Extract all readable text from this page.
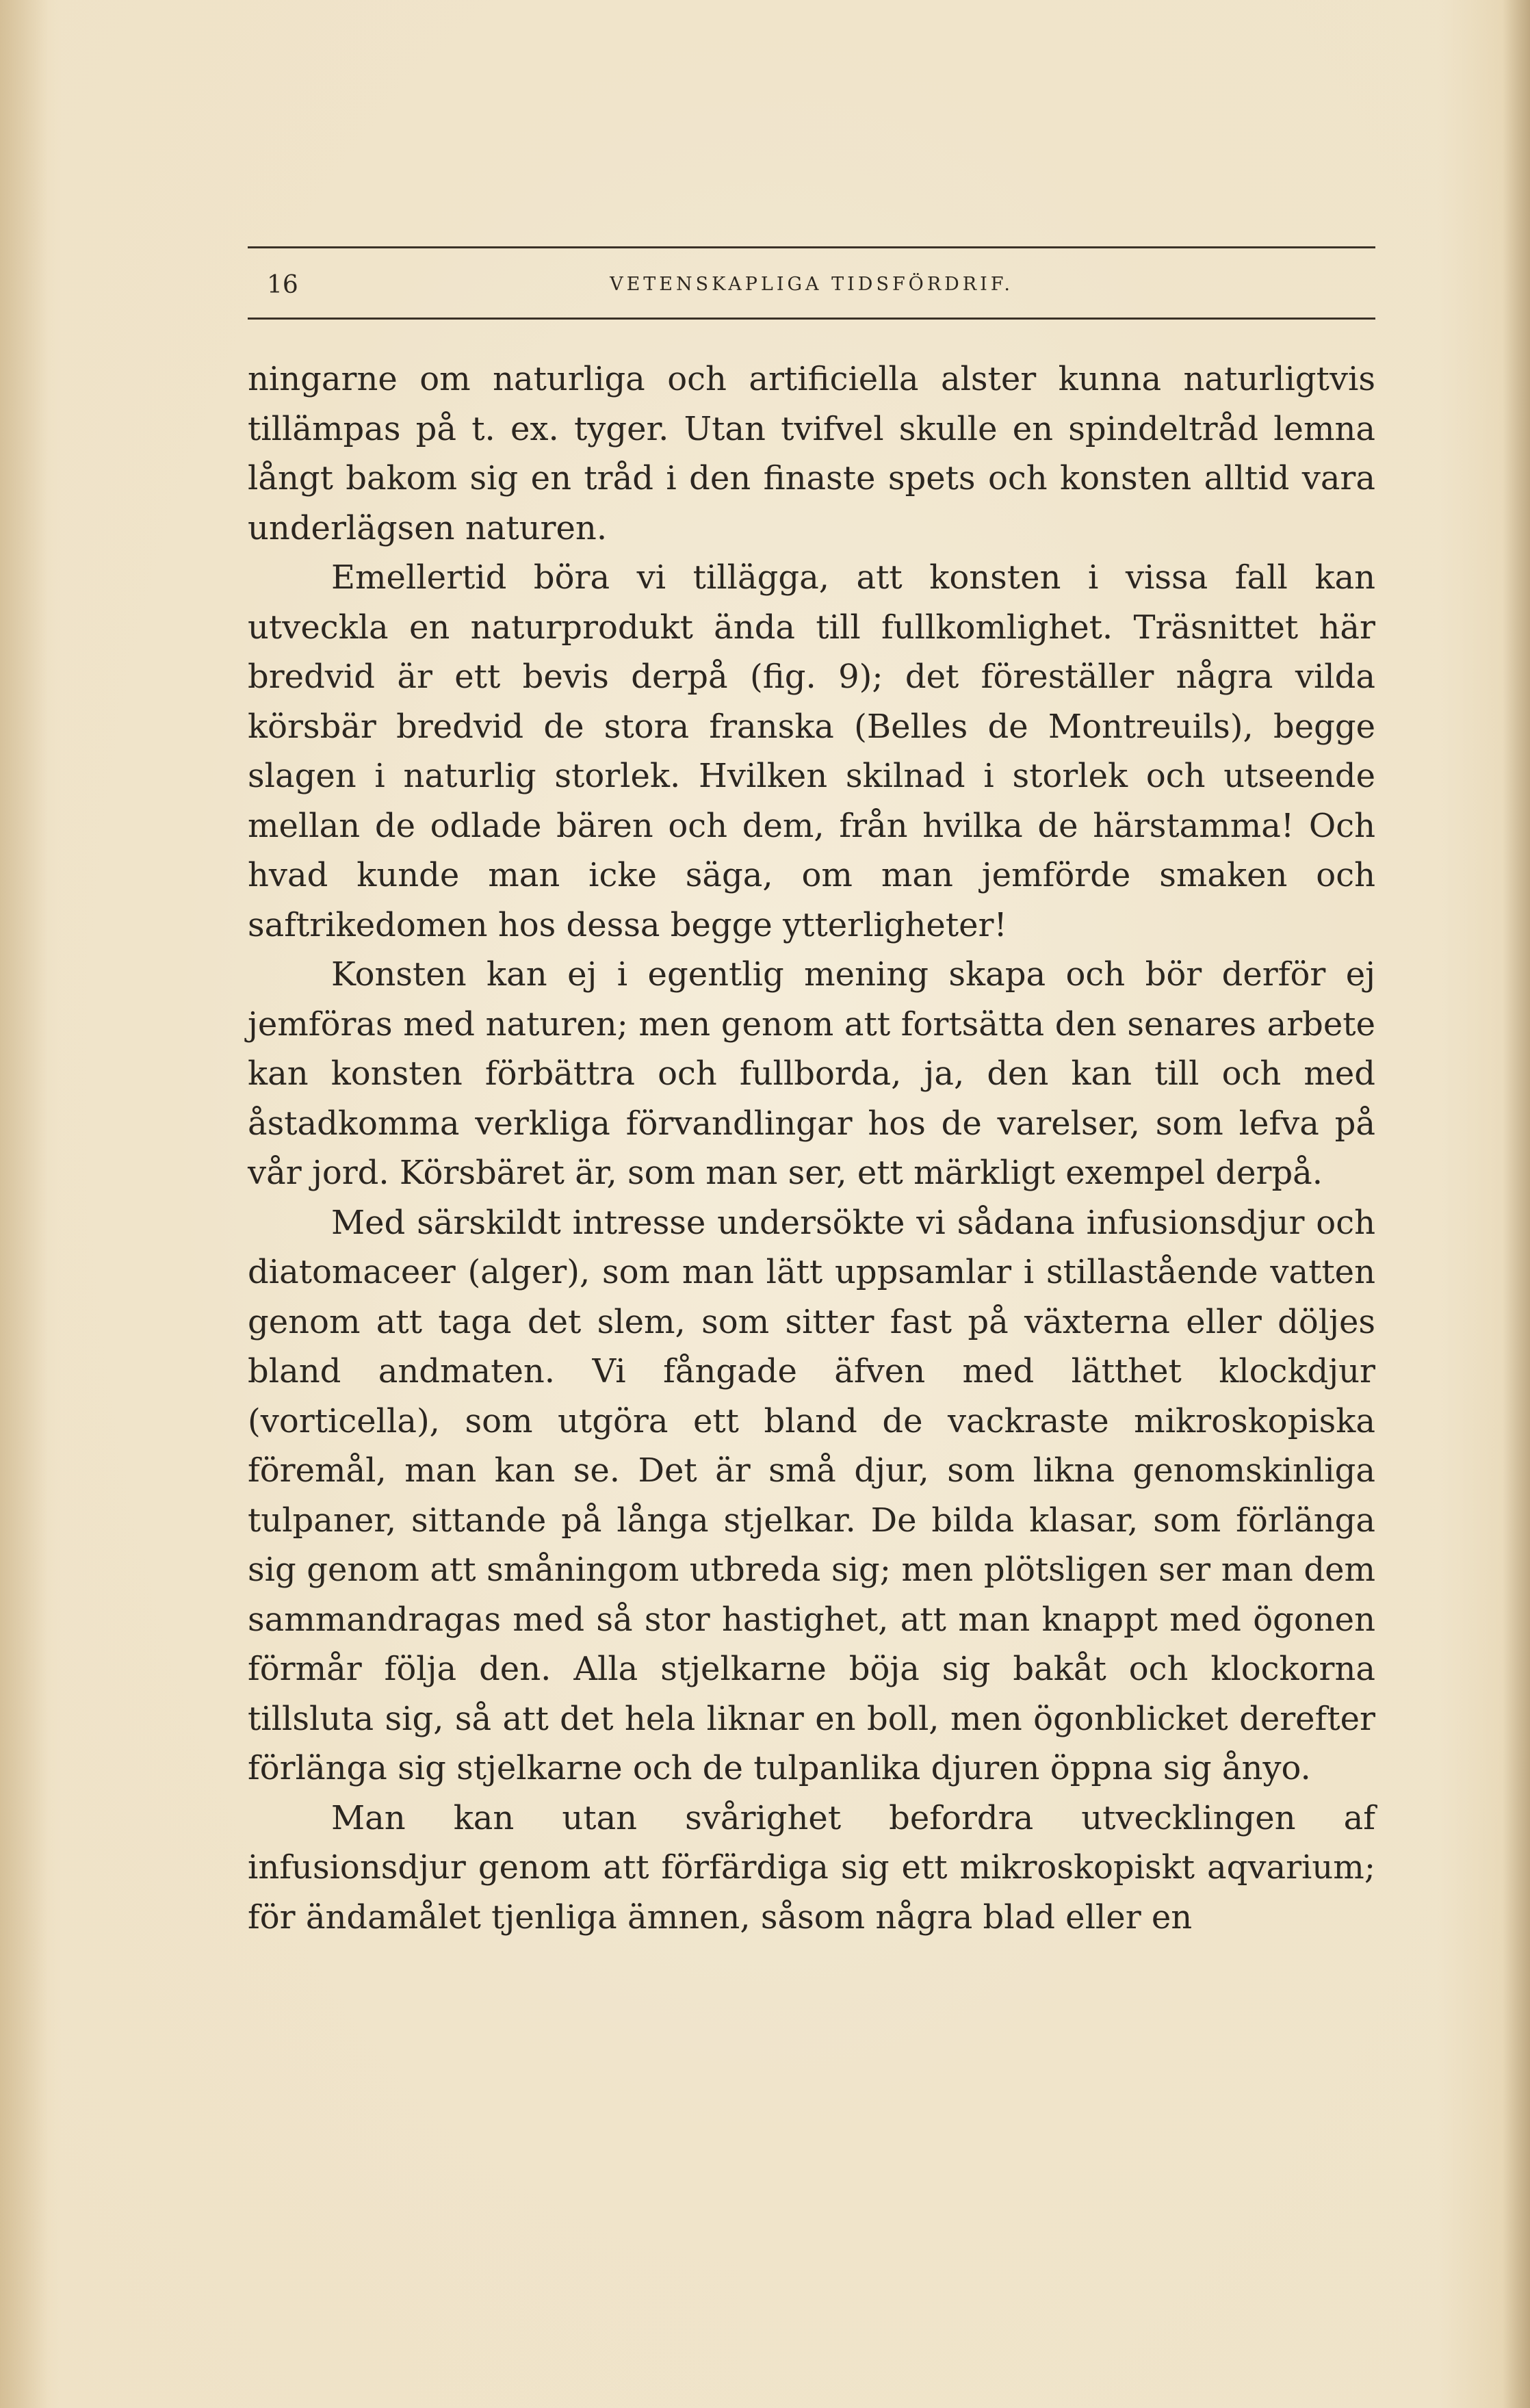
16	VETENSKAPLIGA TIDSFÖRDRIF.

ningarne om naturliga och artificiella alster kunna naturligtvis tillämpas på t. ex. tyger. Utan tvifvel skulle en spindeltråd lemna långt bakom sig en tråd i den finaste spets och konsten alltid vara underlägsen naturen.

Emellertid böra vi tillägga, att konsten i vissa fall kan utveckla en naturprodukt ända till fullkomlighet. Träsnittet här bredvid är ett bevis derpå (fig. 9); det föreställer några vilda körsbär bredvid de stora franska (Belles de Montreuils), begge slagen i naturlig storlek. Hvilken skilnad i storlek och utseende mellan de odlade bären och dem, från hvilka de härstamma! Och hvad kunde man icke säga, om man jemförde smaken och saftrikedomen hos dessa begge ytterligheter!

Konsten kan ej i egentlig mening skapa och bör derför ej jemföras med naturen; men genom att fortsätta den senares arbete kan konsten förbättra och fullborda, ja, den kan till och med åstadkomma verkliga förvandlingar hos de varelser, som lefva på vår jord. Körsbäret är, som man ser, ett märkligt exempel derpå.

Med särskildt intresse undersökte vi sådana infusionsdjur och diatomaceer (alger), som man lätt uppsamlar i stillastående vatten genom att taga det slem, som sitter fast på växterna eller döljes bland andmaten. Vi fångade äfven med lätthet klockdjur (vorticella), som utgöra ett bland de vackraste mikroskopiska föremål, man kan se. Det är små djur, som likna genomskinliga tulpaner, sittande på långa stjelkar. De bilda klasar, som förlänga sig genom att småningom utbreda sig; men plötsligen ser man dem sammandragas med så stor hastighet, att man knappt med ögonen förmår följa den. Alla stjelkarne böja sig bakåt och klockorna tillsluta sig, så att det hela liknar en boll, men ögonblicket derefter förlänga sig stjelkarne och de tulpanlika djuren öppna sig ånyo.

Man kan utan svårighet befordra utvecklingen af infusionsdjur genom att förfärdiga sig ett mikroskopiskt aqvarium; för ändamålet tjenliga ämnen, såsom några blad eller en
